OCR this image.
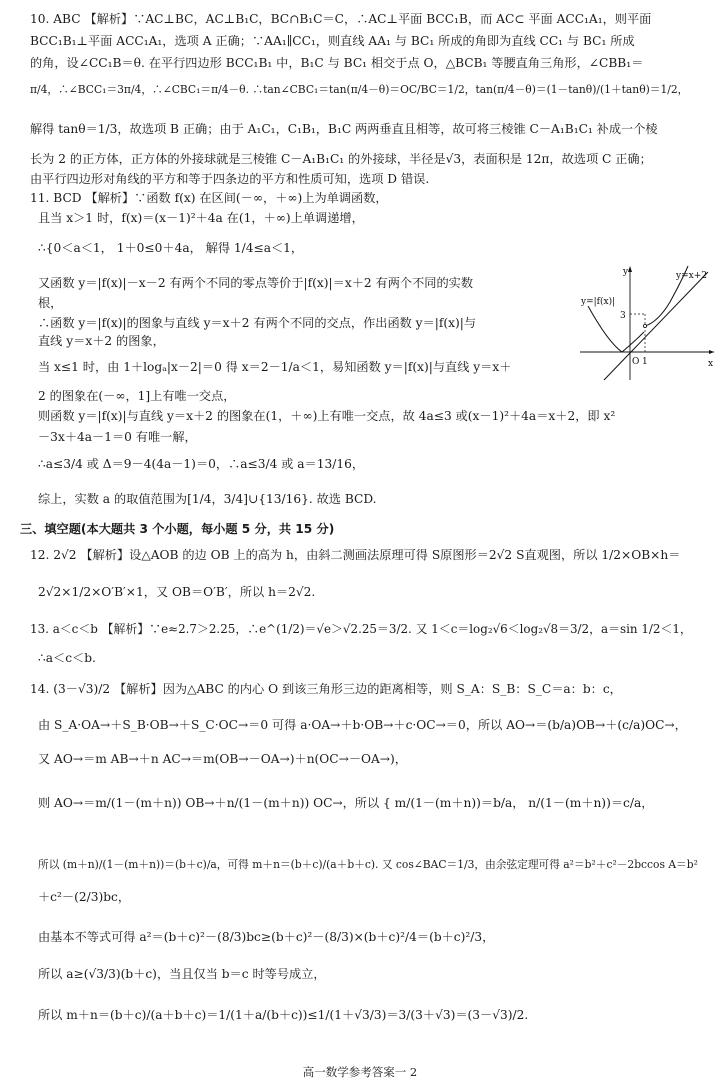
10. ABC 【解析】∵AC⊥BC，AC⊥B₁C，BC∩B₁C＝C，∴AC⊥平面 BCC₁B，而 AC⊂ 平面 ACC₁A₁，则平面
BCC₁B₁⊥平面 ACC₁A₁，选项 A 正确；∵AA₁∥CC₁，则直线 AA₁ 与 BC₁ 所成的角即为直线 CC₁ 与 BC₁ 所成
的角，设∠CC₁B＝θ. 在平行四边形 BCC₁B₁ 中，B₁C 与 BC₁ 相交于点 O，△BCB₁ 等腰直角三角形，∠CBB₁＝
π/4，∴∠BCC₁＝3π/4，∴∠CBC₁＝π/4－θ. ∴tan∠CBC₁＝tan(π/4－θ)＝OC/BC＝1/2，tan(π/4－θ)＝(1－tanθ)/(1＋tanθ)＝1/2，
解得 tanθ＝1/3，故选项 B 正确；由于 A₁C₁，C₁B₁，B₁C 两两垂直且相等，故可将三棱锥 C－A₁B₁C₁ 补成一个棱
长为 2 的正方体，正方体的外接球就是三棱锥 C－A₁B₁C₁ 的外接球，半径是√3，表面积是 12π，故选项 C 正确；
由平行四边形对角线的平方和等于四条边的平方和性质可知，选项 D 错误.
11. BCD 【解析】∵函数 f(x) 在区间(－∞，＋∞)上为单调函数，
且当 x＞1 时，f(x)＝(x－1)²＋4a 在(1，＋∞)上单调递增，
∴{0＜a＜1， 1＋0≤0＋4a， 解得 1/4≤a＜1，
又函数 y＝|f(x)|－x－2 有两个不同的零点等价于|f(x)|＝x＋2 有两个不同的实数
根，
∴函数 y＝|f(x)|的图象与直线 y＝x＋2 有两个不同的交点，作出函数 y＝|f(x)|与
直线 y＝x＋2 的图象，
当 x≤1 时，由 1＋logₐ|x－2|＝0 得 x＝2－1/a＜1，易知函数 y＝|f(x)|与直线 y＝x＋
2 的图象在(－∞，1]上有唯一交点，
则函数 y＝|f(x)|与直线 y＝x＋2 的图象在(1，＋∞)上有唯一交点，故 4a≤3 或(x－1)²＋4a＝x＋2，即 x²
－3x＋4a－1＝0 有唯一解，
∴a≤3/4 或 Δ＝9－4(4a－1)＝0，∴a≤3/4 或 a＝13/16，
综上，实数 a 的取值范围为[1/4，3/4]∪{13/16}. 故选 BCD.
三、填空题(本大题共 3 个小题，每小题 5 分，共 15 分)
12. 2√2 【解析】设△AOB 的边 OB 上的高为 h，由斜二测画法原理可得 S原图形＝2√2 S直观图，所以 1/2×OB×h＝
2√2×1/2×O′B′×1，又 OB＝O′B′，所以 h＝2√2.
13. a＜c＜b 【解析】∵e≈2.7＞2.25，∴e^(1/2)＝√e＞√2.25＝3/2. 又 1＜c＝log₂√6＜log₂√8＝3/2，a＝sin 1/2＜1，
∴a＜c＜b.
14. (3－√3)/2 【解析】因为△ABC 的内心 O 到该三角形三边的距离相等，则 S_A：S_B：S_C＝a：b：c，
由 S_A·OA→＋S_B·OB→＋S_C·OC→＝0 可得 a·OA→＋b·OB→＋c·OC→＝0，所以 AO→＝(b/a)OB→＋(c/a)OC→，
又 AO→＝m AB→＋n AC→＝m(OB→－OA→)＋n(OC→－OA→)，
则 AO→＝m/(1－(m＋n)) OB→＋n/(1－(m＋n)) OC→，所以 { m/(1－(m＋n))＝b/a， n/(1－(m＋n))＝c/a，
所以 (m＋n)/(1－(m＋n))＝(b＋c)/a，可得 m＋n＝(b＋c)/(a＋b＋c). 又 cos∠BAC＝1/3，由余弦定理可得 a²＝b²＋c²－2bccos A＝b²
＋c²－(2/3)bc，
由基本不等式可得 a²＝(b＋c)²－(8/3)bc≥(b＋c)²－(8/3)×(b＋c)²/4＝(b＋c)²/3，
所以 a≥(√3/3)(b＋c)，当且仅当 b＝c 时等号成立，
所以 m＋n＝(b＋c)/(a＋b＋c)＝1/(1＋a/(b＋c))≤1/(1＋√3/3)＝3/(3＋√3)＝(3－√3)/2.
y
x
O 1
3
y=|f(x)|
y=x+2
高一数学参考答案一 2
